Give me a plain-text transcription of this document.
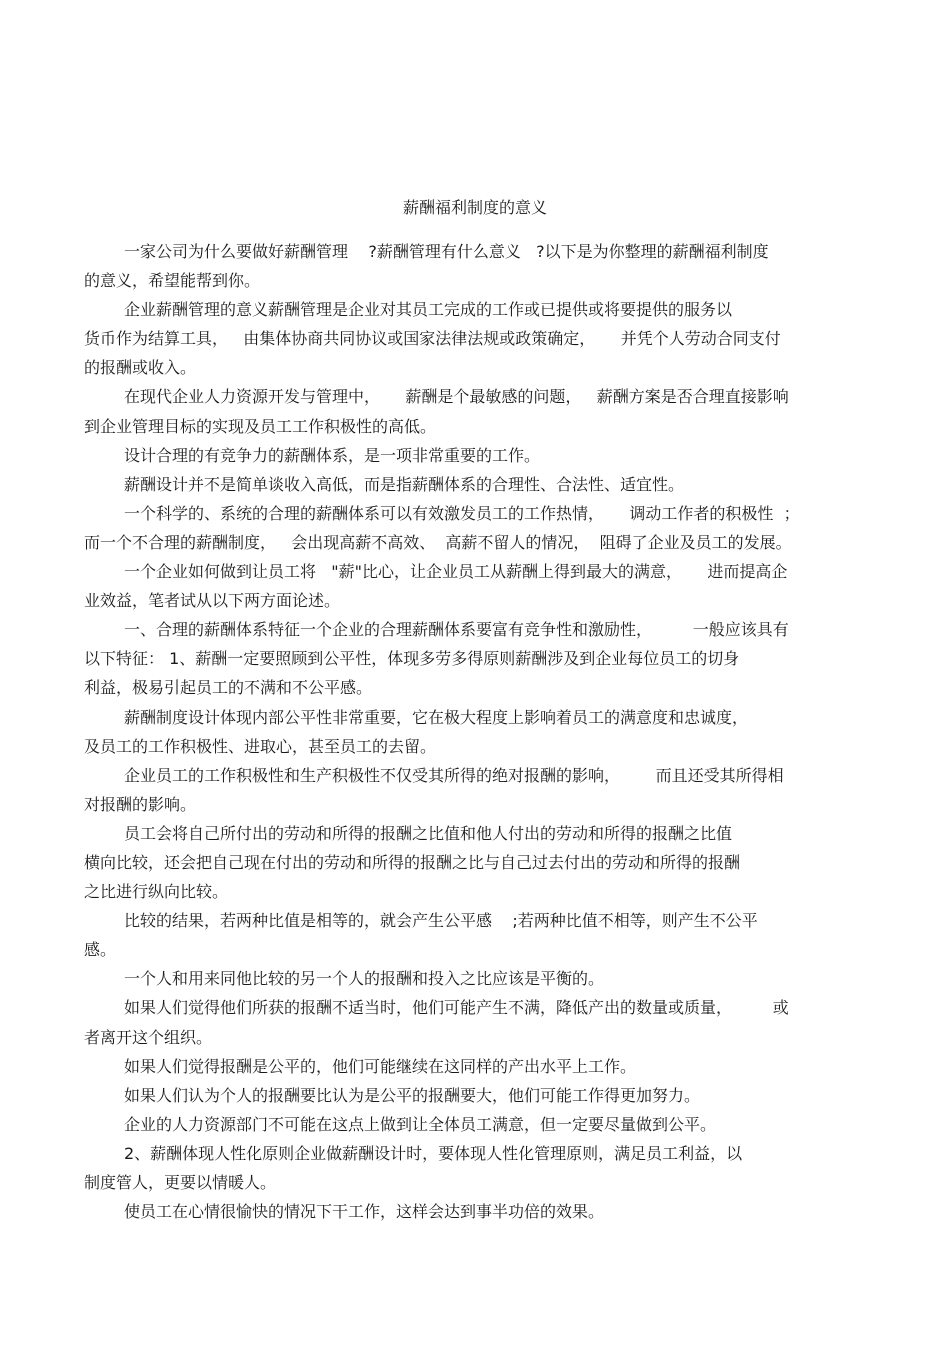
薪酬福利制度的意义
一家公司为什么要做好薪酬管理    ?薪酬管理有什么意义   ?以下是为你整理的薪酬福利制度
的意义，希望能帮到你。
企业薪酬管理的意义薪酬管理是企业对其员工完成的工作或已提供或将要提供的服务以
货币作为结算工具，   由集体协商共同协议或国家法律法规或政策确定，     并凭个人劳动合同支付
的报酬或收入。
在现代企业人力资源开发与管理中，     薪酬是个最敏感的问题，   薪酬方案是否合理直接影响
到企业管理目标的实现及员工工作积极性的高低。
设计合理的有竞争力的薪酬体系，是一项非常重要的工作。
薪酬设计并不是简单谈收入高低，而是指薪酬体系的合理性、合法性、适宜性。
一个科学的、系统的合理的薪酬体系可以有效激发员工的工作热情，     调动工作者的积极性  ；
而一个不合理的薪酬制度，   会出现高薪不高效、  高薪不留人的情况，  阻碍了企业及员工的发展。
一个企业如何做到让员工将   "薪"比心，让企业员工从薪酬上得到最大的满意，     进而提高企
业效益，笔者试从以下两方面论述。
一、合理的薪酬体系特征一个企业的合理薪酬体系要富有竞争性和激励性，        一般应该具有
以下特征： 1、薪酬一定要照顾到公平性，体现多劳多得原则薪酬涉及到企业每位员工的切身
利益，极易引起员工的不满和不公平感。
薪酬制度设计体现内部公平性非常重要，它在极大程度上影响着员工的满意度和忠诚度，
及员工的工作积极性、进取心，甚至员工的去留。
企业员工的工作积极性和生产积极性不仅受其所得的绝对报酬的影响，       而且还受其所得相
对报酬的影响。
员工会将自己所付出的劳动和所得的报酬之比值和他人付出的劳动和所得的报酬之比值
横向比较，还会把自己现在付出的劳动和所得的报酬之比与自己过去付出的劳动和所得的报酬
之比进行纵向比较。
比较的结果，若两种比值是相等的，就会产生公平感    ;若两种比值不相等，则产生不公平
感。
一个人和用来同他比较的另一个人的报酬和投入之比应该是平衡的。
如果人们觉得他们所获的报酬不适当时，他们可能产生不满，降低产出的数量或质量，        或
者离开这个组织。
如果人们觉得报酬是公平的，他们可能继续在这同样的产出水平上工作。
如果人们认为个人的报酬要比认为是公平的报酬要大，他们可能工作得更加努力。
企业的人力资源部门不可能在这点上做到让全体员工满意，但一定要尽量做到公平。
2、薪酬体现人性化原则企业做薪酬设计时，要体现人性化管理原则，满足员工利益，以
制度管人，更要以情暖人。
使员工在心情很愉快的情况下干工作，这样会达到事半功倍的效果。
